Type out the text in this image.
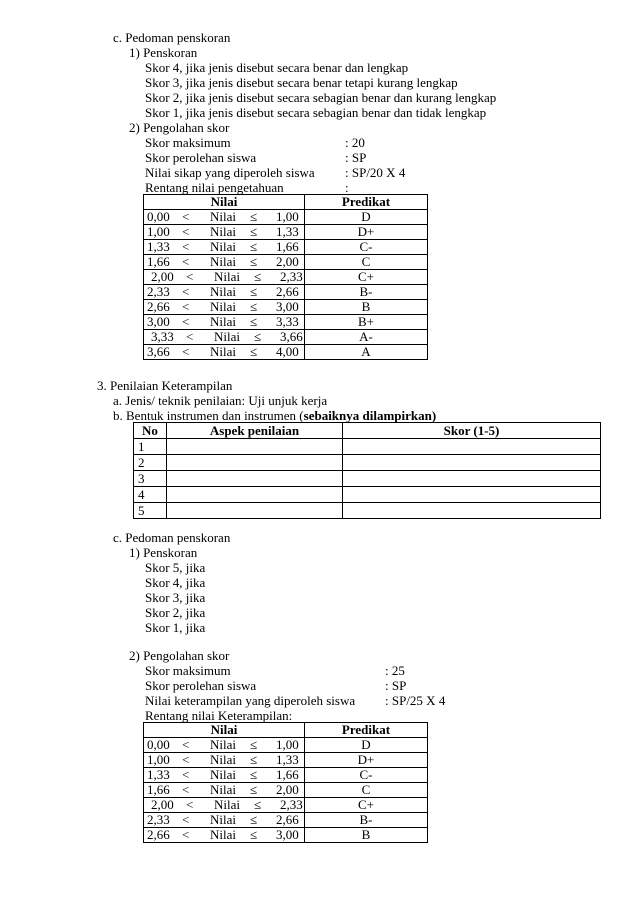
c. Pedoman penskoran
1) Penskoran
Skor 4, jika jenis disebut secara benar dan lengkap
Skor 3, jika jenis disebut secara benar tetapi kurang lengkap
Skor 2, jika jenis disebut secara sebagian benar dan kurang lengkap
Skor 1, jika jenis disebut secara sebagian benar dan tidak lengkap
2) Pengolahan skor
Skor maksimum	: 20
Skor perolehan siswa	: SP
Nilai sikap yang diperoleh siswa : SP/20 X 4
Rentang nilai pengetahuan	:
Nilai	Predikat

0,00 < Nilai ≤ 1,00	D

1,00 < Nilai ≤ 1,33	D+

1,33 < Nilai ≤ 1,66	C-

1,66 < Nilai ≤ 2,00	C

2,00 < Nilai ≤ 2,33	C+

2,33 < Nilai ≤ 2,66	B-

2,66 < Nilai ≤ 3,00	B

3,00 < Nilai ≤ 3,33	B+

3,33 < Nilai ≤ 3,66	A-

3,66 < Nilai ≤ 4,00	A
3. Penilaian Keterampilan
a. Jenis/ teknik penilaian: Uji unjuk kerja
b. Bentuk instrumen dan instrumen (sebaiknya dilampirkan)
No	Aspek penilaian	Skor (1-5)
1		
2		
3		
4		
5		
c. Pedoman penskoran
1) Penskoran
Skor 5, jika
Skor 4, jika
Skor 3, jika
Skor 2, jika
Skor 1, jika
2) Pengolahan skor
Skor maksimum	: 25
Skor perolehan siswa	: SP
Nilai keterampilan yang diperoleh siswa : SP/25 X 4
Rentang nilai Keterampilan:
Nilai	Predikat

0,00 < Nilai ≤ 1,00	D

1,00 < Nilai ≤ 1,33	D+

1,33 < Nilai ≤ 1,66	C-

1,66 < Nilai ≤ 2,00	C

2,00 < Nilai ≤ 2,33	C+

2,33 < Nilai ≤ 2,66	B-

2,66 < Nilai ≤ 3,00	B
